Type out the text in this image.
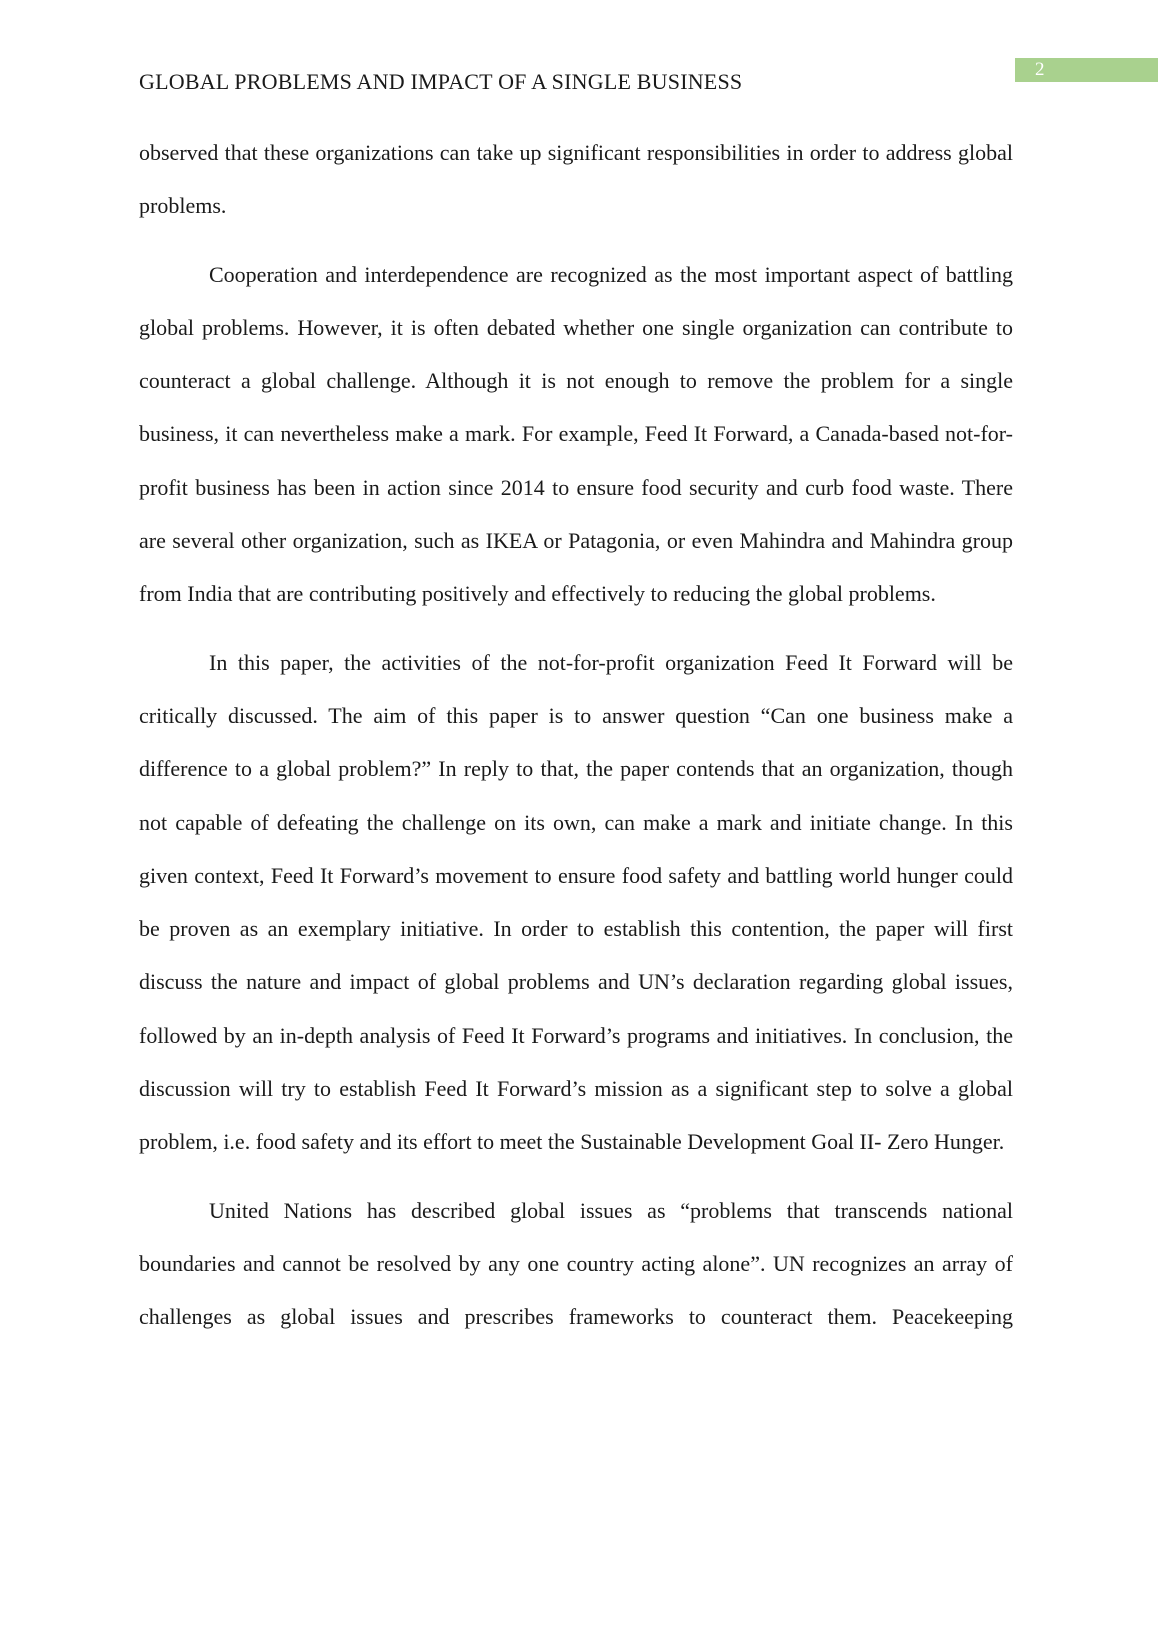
2
GLOBAL PROBLEMS AND IMPACT OF A SINGLE BUSINESS

observed that these organizations can take up significant responsibilities in order to address global problems.

Cooperation and interdependence are recognized as the most important aspect of battling global problems. However, it is often debated whether one single organization can contribute to counteract a global challenge. Although it is not enough to remove the problem for a single business, it can nevertheless make a mark. For example, Feed It Forward, a Canada-based not-for-profit business has been in action since 2014 to ensure food security and curb food waste. There are several other organization, such as IKEA or Patagonia, or even Mahindra and Mahindra group from India that are contributing positively and effectively to reducing the global problems.

In this paper, the activities of the not-for-profit organization Feed It Forward will be critically discussed. The aim of this paper is to answer question “Can one business make a difference to a global problem?” In reply to that, the paper contends that an organization, though not capable of defeating the challenge on its own, can make a mark and initiate change. In this given context, Feed It Forward’s movement to ensure food safety and battling world hunger could be proven as an exemplary initiative. In order to establish this contention, the paper will first discuss the nature and impact of global problems and UN’s declaration regarding global issues, followed by an in-depth analysis of Feed It Forward’s programs and initiatives. In conclusion, the discussion will try to establish Feed It Forward’s mission as a significant step to solve a global problem, i.e. food safety and its effort to meet the Sustainable Development Goal II- Zero Hunger.

United Nations has described global issues as “problems that transcends national boundaries and cannot be resolved by any one country acting alone”. UN recognizes an array of challenges as global issues and prescribes frameworks to counteract them. Peacekeeping
